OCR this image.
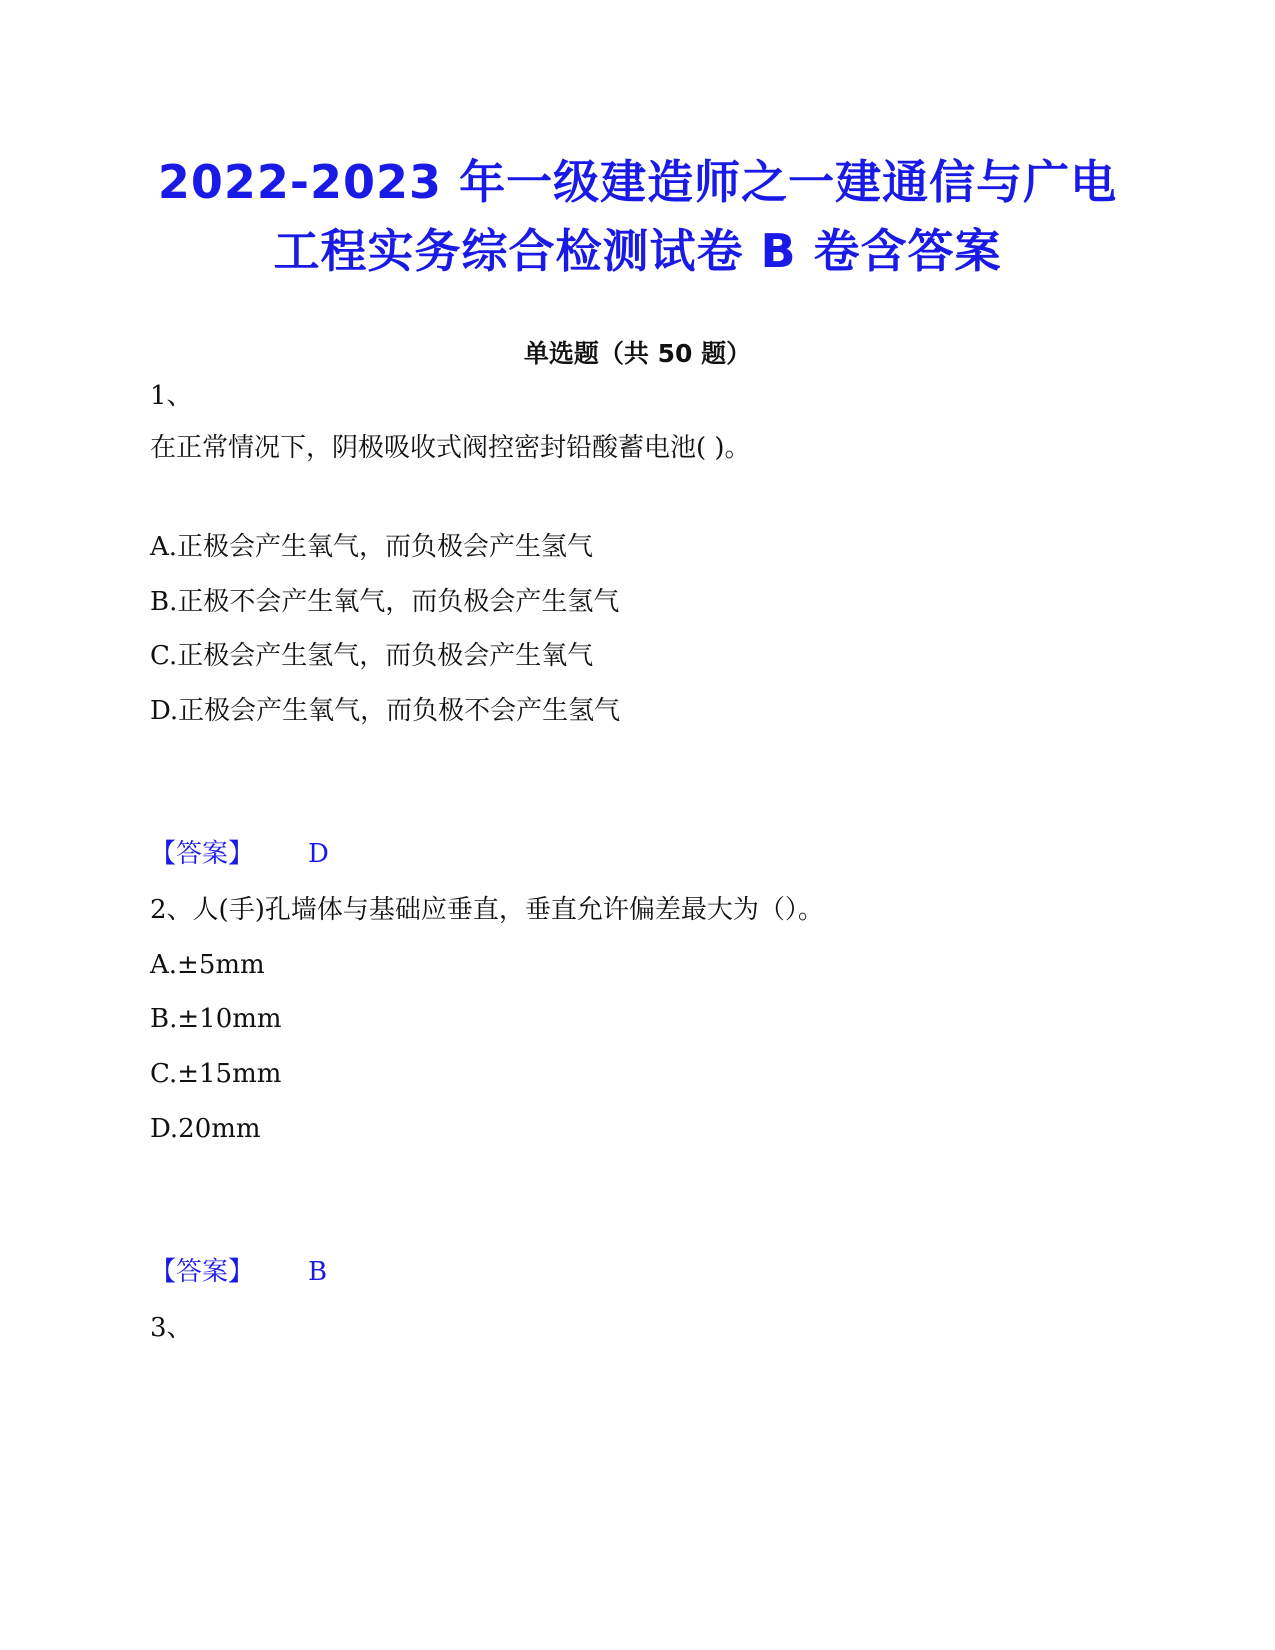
2022-2023 年一级建造师之一建通信与广电
工程实务综合检测试卷 B 卷含答案
单选题（共 50 题）
1、
在正常情况下，阴极吸收式阀控密封铅酸蓄电池( )。
A.正极会产生氧气，而负极会产生氢气
B.正极不会产生氧气，而负极会产生氢气
C.正极会产生氢气，而负极会产生氧气
D.正极会产生氧气，而负极不会产生氢气
【答案】 D
2、人(手)孔墙体与基础应垂直，垂直允许偏差最大为（）。
A.±5mm
B.±10mm
C.±15mm
D.20mm
【答案】 B
3、
